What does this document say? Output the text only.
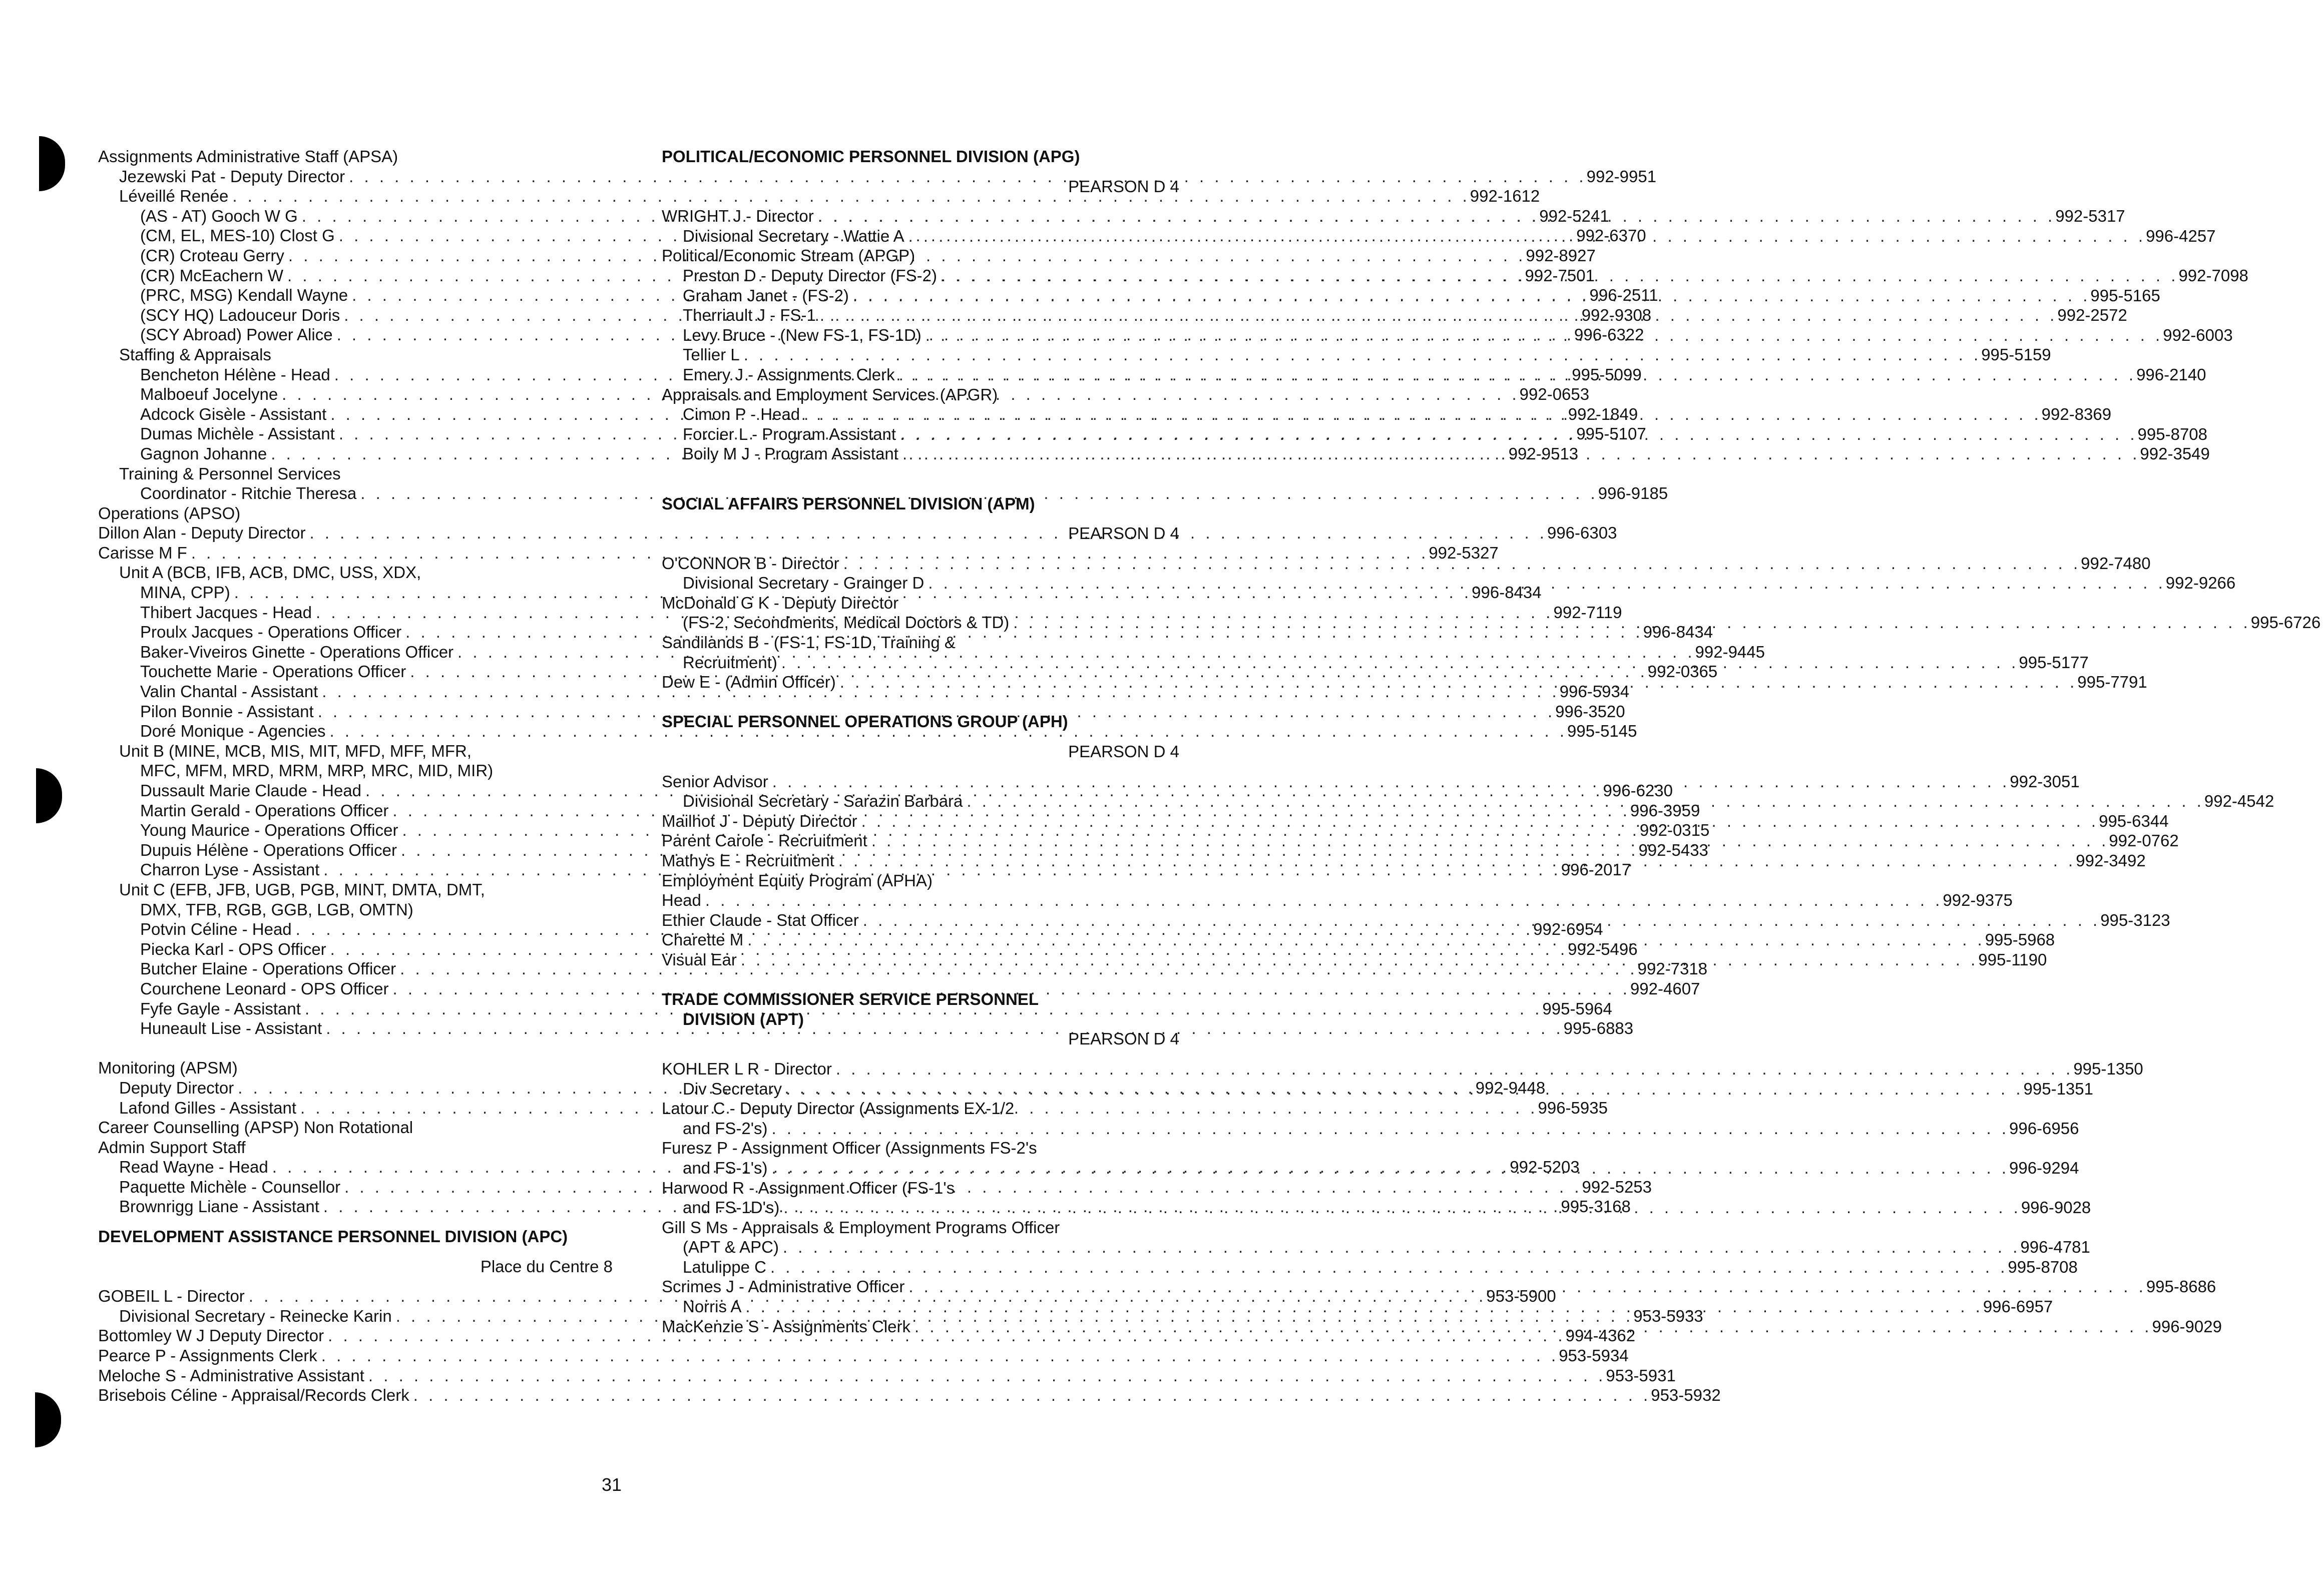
Assignments Administrative Staff (APSA)
Jezewski Pat - Deputy Director . . .	992-9951
Léveillé Renée . . .	992-1612
(AS - AT) Gooch W G . . .	992-5241
(CM, EL, MES-10) Clost G . . .	992-6370
(CR) Croteau Gerry . . .	992-8927
(CR) McEachern W . . .	992-7501
(PRC, MSG) Kendall Wayne . . .	996-2511
(SCY HQ) Ladouceur Doris . . .	992-9308
(SCY Abroad) Power Alice . . .	996-6322
Staffing & Appraisals
Bencheton Hélène - Head . . .	995-5099
Malboeuf Jocelyne . . .	992-0653
Adcock Gisèle - Assistant . . .	992-1849
Dumas Michèle - Assistant . . .	995-5107
Gagnon Johanne . . .	992-9513
Training & Personnel Services
Coordinator - Ritchie Theresa . . .	996-9185
Operations (APSO)
Dillon Alan - Deputy Director . . .	996-6303
Carisse M F . . .	992-5327
Unit A (BCB, IFB, ACB, DMC, USS, XDX,
MINA, CPP) . . .	996-8434
Thibert Jacques - Head . . .	992-7119
Proulx Jacques - Operations Officer . . .	996-8434
Baker-Viveiros Ginette - Operations Officer . . .	992-9445
Touchette Marie - Operations Officer . . .	992-0365
Valin Chantal - Assistant . . .	996-5934
Pilon Bonnie - Assistant . . .	996-3520
Doré Monique - Agencies . . .	995-5145
Unit B (MINE, MCB, MIS, MIT, MFD, MFF, MFR,
MFC, MFM, MRD, MRM, MRP, MRC, MID, MIR)
Dussault Marie Claude - Head . . .	996-6230
Martin Gerald - Operations Officer . . .	996-3959
Young Maurice - Operations Officer . . .	992-0315
Dupuis Hélène - Operations Officer . . .	992-5433
Charron Lyse - Assistant . . .	996-2017
Unit C (EFB, JFB, UGB, PGB, MINT, DMTA, DMT,
DMX, TFB, RGB, GGB, LGB, OMTN)
Potvin Céline - Head . . .	992-6954
Piecka Karl - OPS Officer . . .	992-5496
Butcher Elaine - Operations Officer . . .	992-7318
Courchene Leonard - OPS Officer . . .	992-4607
Fyfe Gayle - Assistant . . .	995-5964
Huneault Lise - Assistant . . .	995-6883
Monitoring (APSM)
Deputy Director . . .	992-9448
Lafond Gilles - Assistant . . .	996-5935
Career Counselling (APSP) Non Rotational
Admin Support Staff
Read Wayne - Head . . .	992-5203
Paquette Michèle - Counsellor . . .	992-5253
Brownrigg Liane - Assistant . . .	995-3168
DEVELOPMENT ASSISTANCE PERSONNEL DIVISION (APC)
Place du Centre 8
GOBEIL L - Director . . .	953-5900
Divisional Secretary - Reinecke Karin . . .	953-5933
Bottomley W J Deputy Director . . .	994-4362
Pearce P - Assignments Clerk . . .	953-5934
Meloche S - Administrative Assistant . . .	953-5931
Brisebois Céline - Appraisal/Records Clerk . . .	953-5932
POLITICAL/ECONOMIC PERSONNEL DIVISION (APG)
PEARSON D 4
WRIGHT J - Director . . .	992-5317
Divisional Secretary - Wattie A . . .	996-4257
Political/Economic Stream (APGP)
Preston D - Deputy Director (FS-2) . . .	992-7098
Graham Janet - (FS-2) . . .	995-5165
Therriault J - FS-1 . . .	992-2572
Levy Bruce - (New FS-1, FS-1D) . . .	992-6003
Tellier L . . .	995-5159
Emery J - Assignments Clerk . . .	996-2140
Appraisals and Employment Services (APGR)
Cimon P - Head . . .	992-8369
Forcier L - Program Assistant . . .	995-8708
Boily M J - Program Assistant . . .	992-3549
SOCIAL AFFAIRS PERSONNEL DIVISION (APM)
PEARSON D 4
O'CONNOR B - Director . . .	992-7480
Divisional Secretary - Grainger D . . .	992-9266
McDonald G K - Deputy Director
(FS-2, Secondments, Medical Doctors & TD) . . .	995-6726
Sandilands B - (FS-1, FS-1D, Training &
Recruitment) . . .	995-5177
Dew E - (Admin Officer) . . .	995-7791
SPECIAL PERSONNEL OPERATIONS GROUP (APH)
PEARSON D 4
Senior Advisor . . .	992-3051
Divisional Secretary - Sarazin Barbara . . .	992-4542
Mailhot J - Deputy Director . . .	995-6344
Parent Carole - Recruitment . . .	992-0762
Mathys E - Recruitment . . .	992-3492
Employment Equity Program (APHA)
Head . . .	992-9375
Ethier Claude - Stat Officer . . .	995-3123
Charette M . . .	995-5968
Visual Ear . . .	995-1190
TRADE COMMISSIONER SERVICE PERSONNEL
DIVISION (APT)
PEARSON D 4
KOHLER L R - Director . . .	995-1350
Div Secretary . . .	995-1351
Latour C - Deputy Director (Assignments EX-1/2
and FS-2's) . . .	996-6956
Furesz P - Assignment Officer (Assignments FS-2's
and FS-1's) . . .	996-9294
Harwood R - Assignment Officer (FS-1's
and FS-1D's) . . .	996-9028
Gill S Ms - Appraisals & Employment Programs Officer
(APT & APC) . . .	996-4781
Latulippe C . . .	995-8708
Scrimes J - Administrative Officer . . .	995-8686
Norris A . . .	996-6957
MacKenzie S - Assignments Clerk . . .	996-9029
31
